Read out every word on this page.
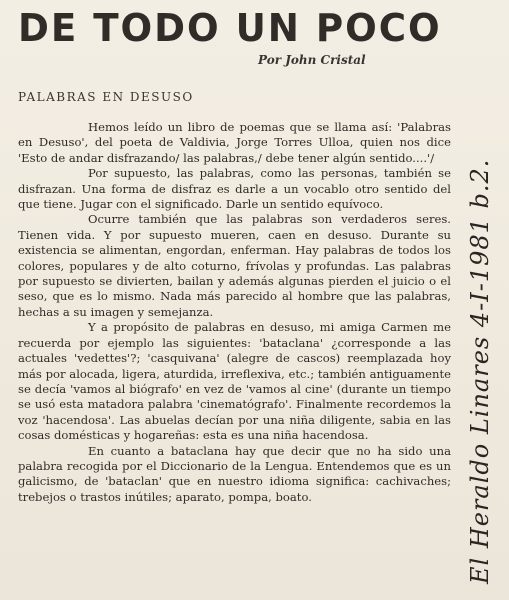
DE TODO UN POCO
Por John Cristal
PALABRAS EN DESUSO

Hemos leído un libro de poemas que se llama así: 'Palabras en Desuso', del poeta de Valdivia, Jorge Torres Ulloa, quien nos dice 'Esto de andar disfrazando/ las palabras,/ debe tener algún sentido....'/

Por supuesto, las palabras, como las personas, también se disfrazan. Una forma de disfraz es darle a un vocablo otro sentido del que tiene. Jugar con el significado. Darle un sentido equívoco.

Ocurre también que las palabras son verdaderos seres. Tienen vida. Y por supuesto mueren, caen en desuso. Durante su existencia se alimentan, engordan, enferman. Hay palabras de todos los colores, populares y de alto coturno, frívolas y profundas. Las palabras por supuesto se divierten, bailan y además algunas pierden el juicio o el seso, que es lo mismo. Nada más parecido al hombre que las palabras, hechas a su imagen y semejanza.

Y a propósito de palabras en desuso, mi amiga Carmen me recuerda por ejemplo las siguientes: 'bataclana' ¿corresponde a las actuales 'vedettes'?; 'casquivana' (alegre de cascos) reemplazada hoy más por alocada, ligera, aturdida, irreflexiva, etc.; también antiguamente se decía 'vamos al biógrafo' en vez de 'vamos al cine' (durante un tiempo se usó esta matadora palabra 'cinematógrafo'. Finalmente recordemos la voz 'hacendosa'. Las abuelas decían por una niña diligente, sabia en las cosas domésticas y hogareñas: esta es una niña hacendosa.

En cuanto a bataclana hay que decir que no ha sido una palabra recogida por el Diccionario de la Lengua. Entendemos que es un galicismo, de 'bataclan' que en nuestro idioma significa: cachivaches; trebejos o trastos inútiles; aparato, pompa, boato.	El Heraldo Linares 4-I-1981 b.2.
